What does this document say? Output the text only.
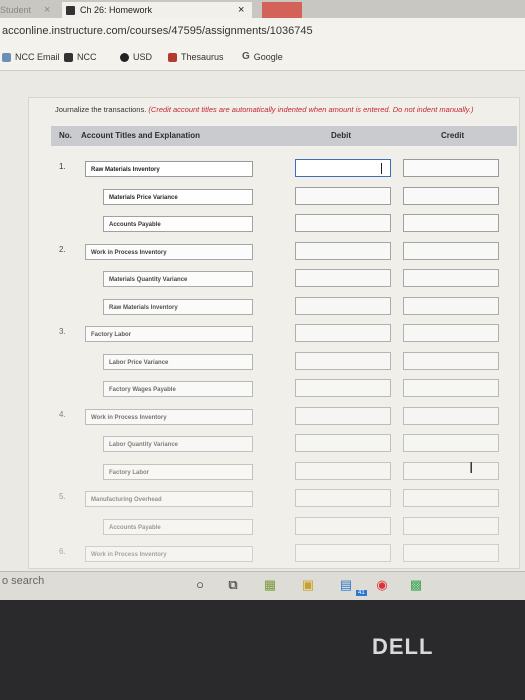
Student ×	Ch 26: Homework	×
acconline.instructure.com/courses/47595/assignments/1036745
NCC Email NCC	USD	Thesaurus G Google
Journalize the transactions. (Credit account titles are automatically indented when amount is entered. Do not indent manually.)
No. Account Titles and Explanation	Debit	Credit
1.	Raw Materials Inventory
Materials Price Variance
Accounts Payable
2.	Work in Process Inventory
Materials Quantity Variance
Raw Materials Inventory
3.	Factory Labor
Labor Price Variance
Factory Wages Payable
4.	Work in Process Inventory
Labor Quantity Variance
Factory Labor
5.	Manufacturing Overhead
Accounts Payable
6.	Work in Process Inventory
I
o search	○	⧉ ▦ ▣ ▤
41
◉ ▩
DELL
